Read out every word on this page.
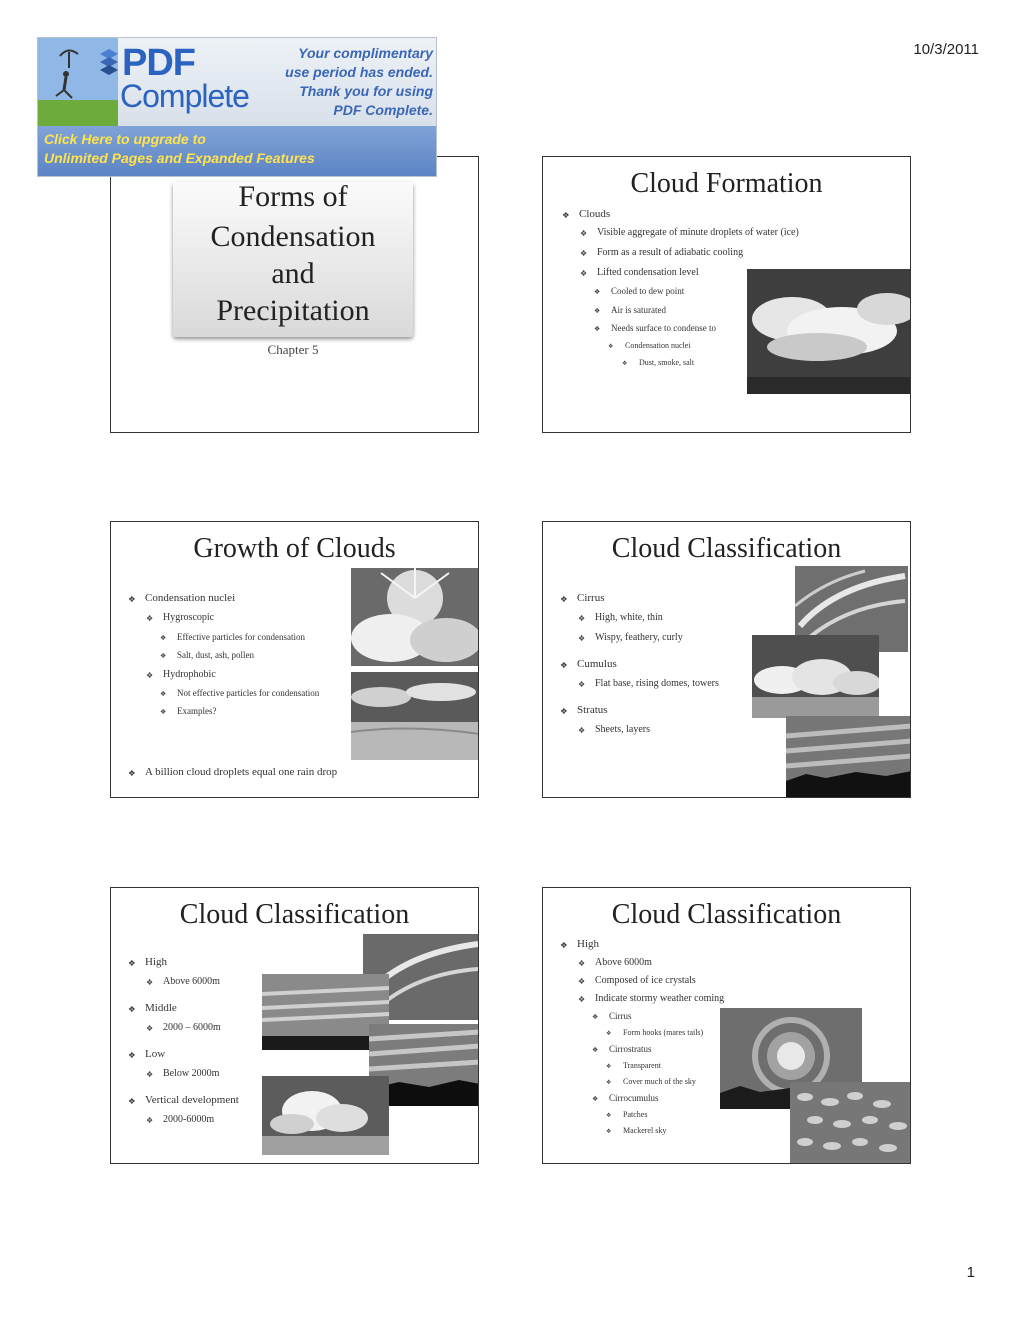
10/3/2011
Forms of
Condensation
and
Precipitation
Chapter 5
PDF
Complete
Your complimentary
use period has ended.
Thank you for using
PDF Complete.
Click Here to upgrade to
Unlimited Pages and Expanded Features
Cloud Formation
❖ Clouds
❖ Visible aggregate of minute droplets of water (ice)
❖ Form as a result of adiabatic cooling
❖ Lifted condensation level
❖ Cooled to dew point
❖ Air is saturated
❖ Needs surface to condense to
❖ Condensation nuclei
❖ Dust, smoke, salt
Growth of Clouds
❖ Condensation nuclei
❖ Hygroscopic
❖ Effective particles for condensation
❖ Salt, dust, ash, pollen
❖ Hydrophobic
❖ Not effective particles for condensation
❖ Examples?
❖ A billion cloud droplets equal one rain drop
Cloud Classification
❖ Cirrus
❖ High, white, thin
❖ Wispy, feathery, curly
❖ Cumulus
❖ Flat base, rising domes, towers
❖ Stratus
❖ Sheets, layers
Cloud Classification
❖ High
❖ Above 6000m
❖ Middle
❖ 2000 – 6000m
❖ Low
❖ Below 2000m
❖ Vertical development
❖ 2000-6000m
Cloud Classification
❖ High
❖ Above 6000m
❖ Composed of ice crystals
❖ Indicate stormy weather coming
❖ Cirrus
❖ Form hooks (mares tails)
❖ Cirrostratus
❖ Transparent
❖ Cover much of the sky
❖ Cirrocumulus
❖ Patches
❖ Mackerel sky
1
